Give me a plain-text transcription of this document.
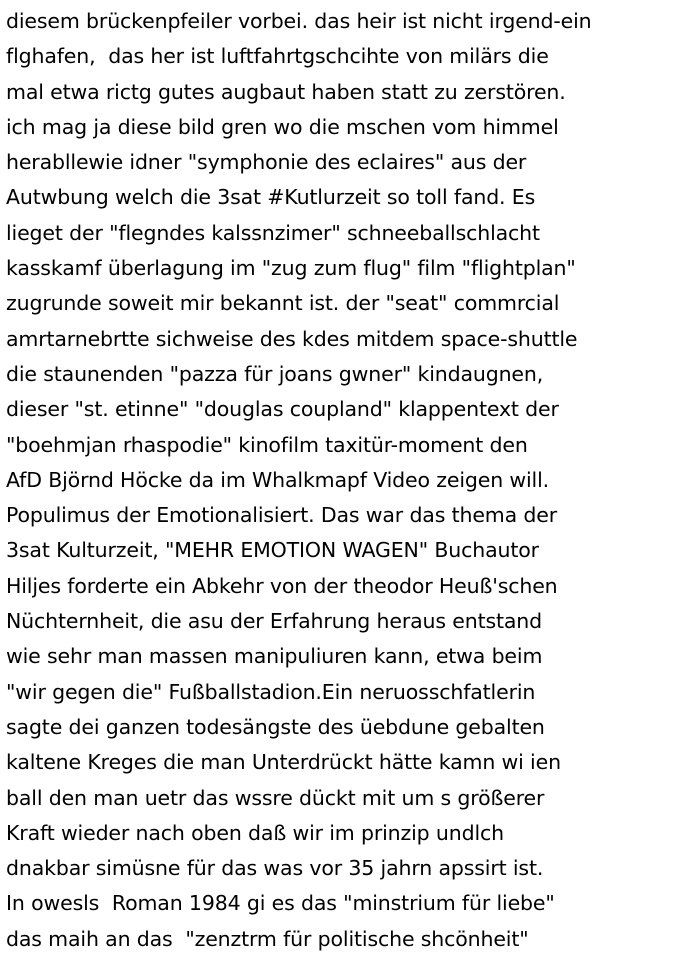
diesem brückenpfeiler vorbei. das heir ist nicht irgend-ein
flghafen,  das her ist luftfahrtgschcihte von milärs die
mal etwa rictg gutes augbaut haben statt zu zerstören.
ich mag ja diese bild gren wo die mschen vom himmel
herabllewie idner "symphonie des eclaires" aus der
Autwbung welch die 3sat #Kutlurzeit so toll fand. Es
lieget der "flegndes kalssnzimer" schneeballschlacht
kasskamf überlagung im "zug zum flug" film "flightplan"
zugrunde soweit mir bekannt ist. der "seat" commrcial
amrtarnebrtte sichweise des kdes mitdem space-shuttle
die staunenden "pazza für joans gwner" kindaugnen,
dieser "st. etinne" "douglas coupland" klappentext der
"boehmjan rhaspodie" kinofilm taxitür-moment den
AfD Björnd Höcke da im Whalkmapf Video zeigen will.
Populimus der Emotionalisiert. Das war das thema der
3sat Kulturzeit, "MEHR EMOTION WAGEN" Buchautor
Hiljes forderte ein Abkehr von der theodor Heuß'schen
Nüchternheit, die asu der Erfahrung heraus entstand
wie sehr man massen manipuliuren kann, etwa beim
"wir gegen die" Fußballstadion.Ein neruosschfatlerin
sagte dei ganzen todesängste des üebdune gebalten
kaltene Kreges die man Unterdrückt hätte kamn wi ien
ball den man uetr das wssre dückt mit um s größerer
Kraft wieder nach oben daß wir im prinzip undlch
dnakbar simüsne für das was vor 35 jahrn apssirt ist.
In owesls  Roman 1984 gi es das "minstrium für liebe"
das maih an das  "zenztrm für politische shcönheit"
